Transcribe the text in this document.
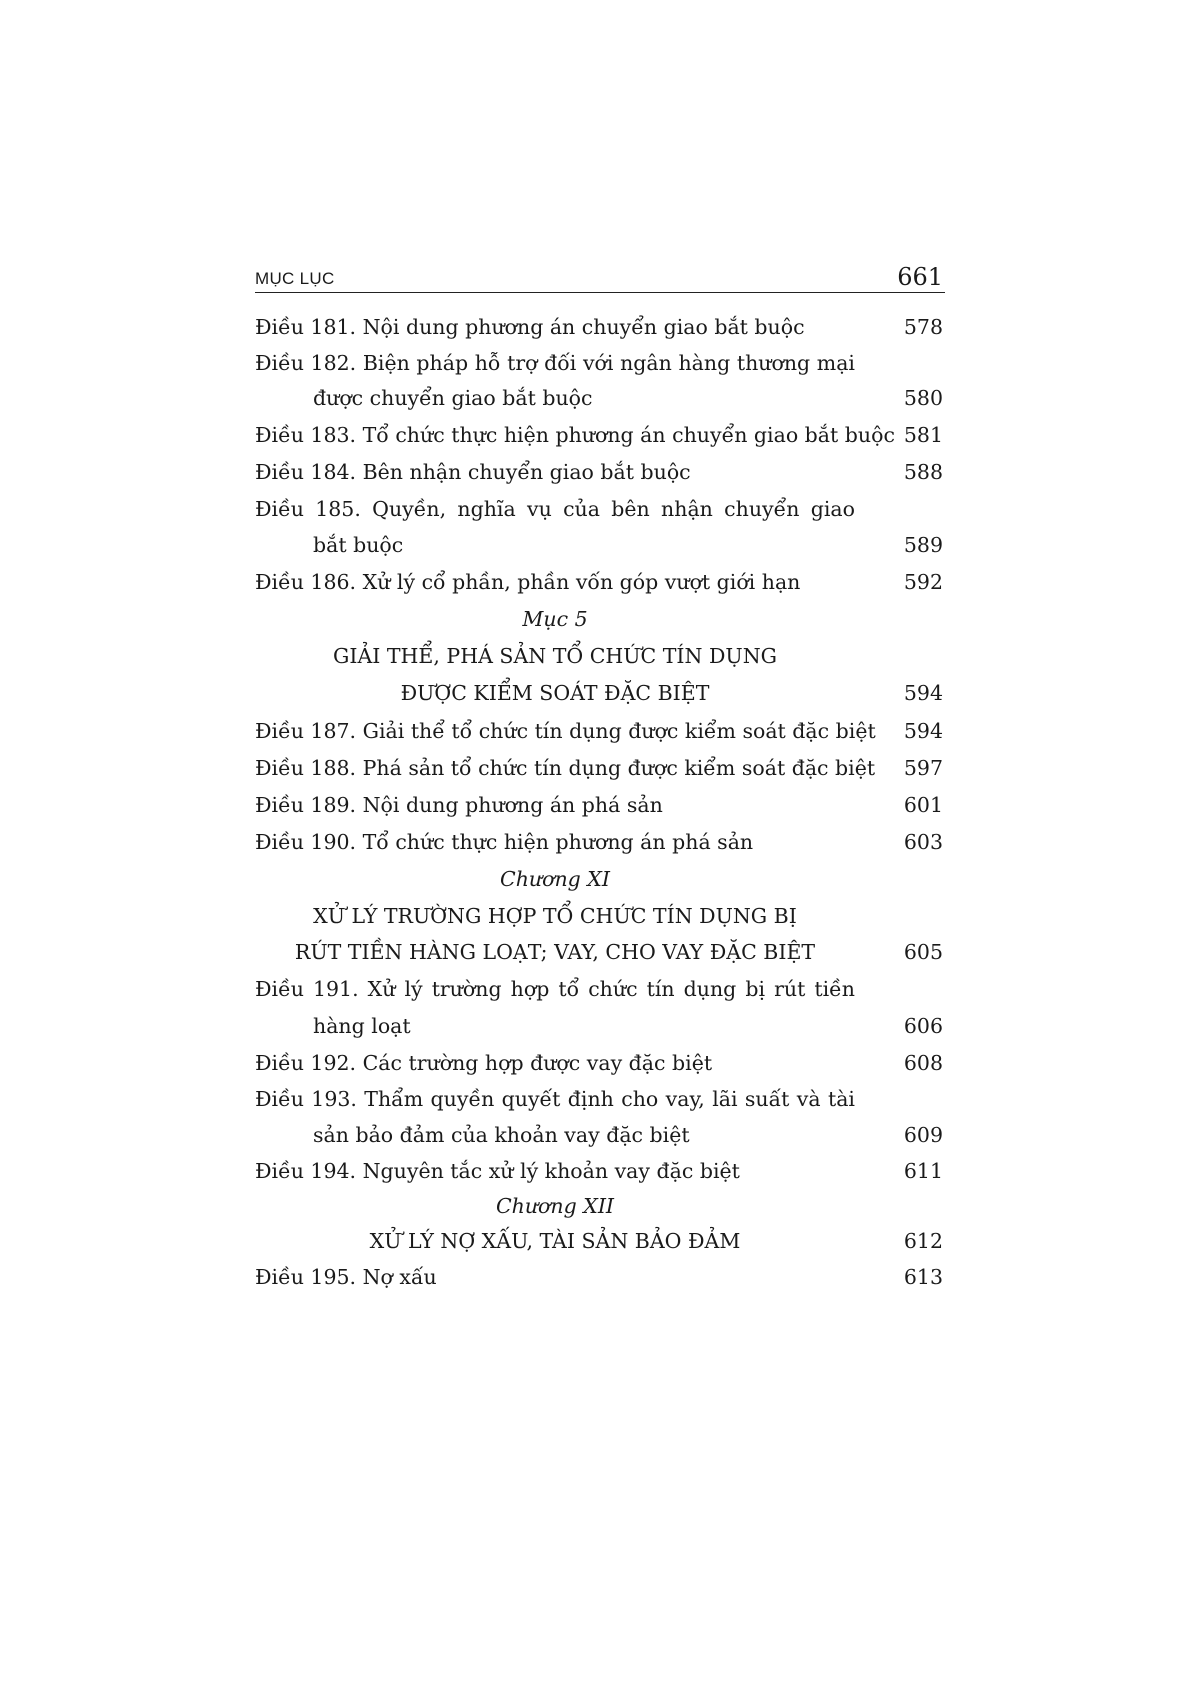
MỤC LỤC	661
Điều 181. Nội dung phương án chuyển giao bắt buộc	578
Điều 182. Biện pháp hỗ trợ đối với ngân hàng thương mại
được chuyển giao bắt buộc	580
Điều 183. Tổ chức thực hiện phương án chuyển giao bắt buộc 581
Điều 184. Bên nhận chuyển giao bắt buộc	588
Điều 185. Quyền, nghĩa vụ của bên nhận chuyển giao
bắt buộc	589
Điều 186. Xử lý cổ phần, phần vốn góp vượt giới hạn	592
Mục 5
GIẢI THỂ, PHÁ SẢN TỔ CHỨC TÍN DỤNG
ĐƯỢC KIỂM SOÁT ĐẶC BIỆT	594
Điều 187. Giải thể tổ chức tín dụng được kiểm soát đặc biệt 594
Điều 188. Phá sản tổ chức tín dụng được kiểm soát đặc biệt 597
Điều 189. Nội dung phương án phá sản	601
Điều 190. Tổ chức thực hiện phương án phá sản	603
Chương XI
XỬ LÝ TRƯỜNG HỢP TỔ CHỨC TÍN DỤNG BỊ
RÚT TIỀN HÀNG LOẠT; VAY, CHO VAY ĐẶC BIỆT	605
Điều 191. Xử lý trường hợp tổ chức tín dụng bị rút tiền
hàng loạt	606
Điều 192. Các trường hợp được vay đặc biệt	608
Điều 193. Thẩm quyền quyết định cho vay, lãi suất và tài
sản bảo đảm của khoản vay đặc biệt	609
Điều 194. Nguyên tắc xử lý khoản vay đặc biệt	611
Chương XII
XỬ LÝ NỢ XẤU, TÀI SẢN BẢO ĐẢM	612
Điều 195. Nợ xấu	613
